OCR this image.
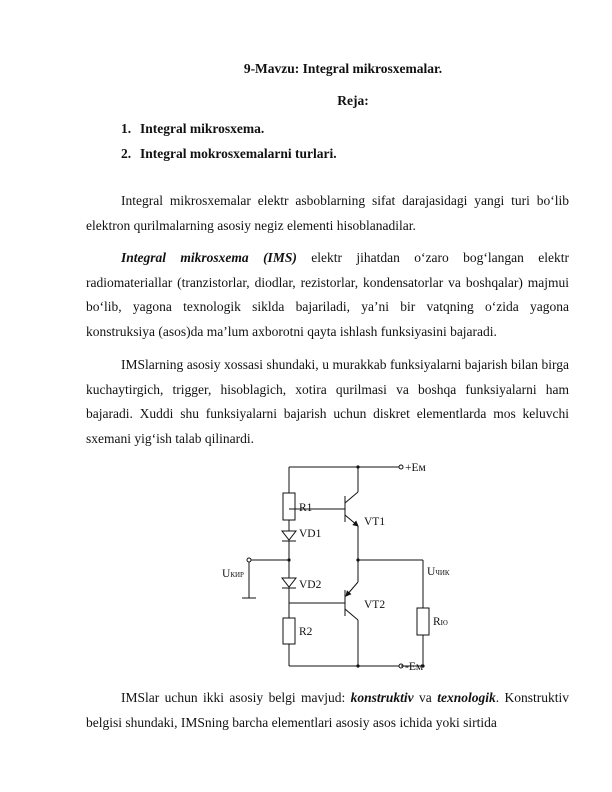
9-Mavzu: Integral mikrosxemalar.
Reja:
1. Integral mikrosxema.
2. Integral mokrosxemalarni turlari.

Integral mikrosxemalar elektr asboblarning sifat darajasidagi yangi turi bo‘lib elektron qurilmalarning asosiy negiz elementi hisoblanadilar.

Integral mikrosxema (IMS) elektr jihatdan o‘zaro bog‘langan elektr radiomateriallar (tranzistorlar, diodlar, rezistorlar, kondensatorlar va boshqalar) majmui bo‘lib, yagona texnologik siklda bajariladi, ya’ni bir vatqning o‘zida yagona konstruksiya (asos)da ma’lum axborotni qayta ishlash funksiyasini bajaradi.

IMSlarning asosiy xossasi shundaki, u murakkab funksiyalarni bajarish bilan birga kuchaytirgich, trigger, hisoblagich, xotira qurilmasi va boshqa funksiyalarni ham bajaradi. Xuddi shu funksiyalarni bajarish uchun diskret elementlarda mos keluvchi sxemani yig‘ish talab qilinardi.

+Eм
-Eм
R1
VD1
VD2
R2
VT1
VT2
UКИР	UЧИК
RЮ

IMSlar uchun ikki asosiy belgi mavjud: konstruktiv va texnologik. Konstruktiv belgisi shundaki, IMSning barcha elementlari asosiy asos ichida yoki sirtida
